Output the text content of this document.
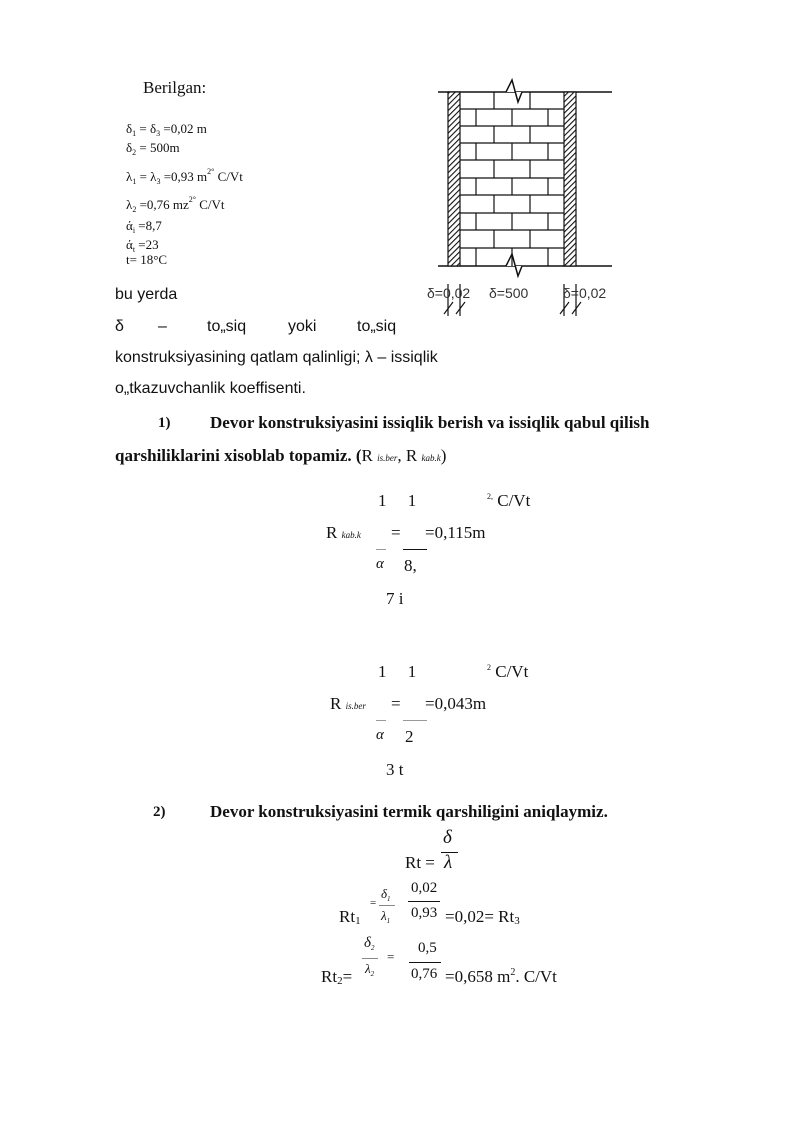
Berilgan:
$\delta_1 = \delta_3 =0,02$ m
$\delta_2 = 500m$
$\lambda_1 = \lambda_3 =0,93$ $m^{2^\circ}$ C/Vt
$\lambda_2 =0,76$ $mz^{2^\circ}$ C/Vt
$ά_i =8,7$
$ά_t =23$
t= 18°C
δ=0,02 δ=500 δ=0,02
bu yerda
δ –	to„siq	yoki	to„siq
konstruksiyasining qatlam qalinligi; λ – issiqlik
o„tkazuvchanlik koeffisenti.
1) Devor konstruksiyasini issiqlik berish va issiqlik qabul qilish
qarshiliklarini xisoblab topamiz. (R is.ber, R kab.k)
1     1	$^{2,}$ C/Vt
R kab.k = =0,115m
α 8,
7 i
1     1	$^2$ C/Vt
R is.ber = =0,043m
α 2
3 t
2)	Devor konstruksiyasini termik qarshiligini aniqlaymiz.
δ
Rt = λ
Rt1
=
$\delta_1$
$\lambda_1$
0,02
0,93 =0,02= Rt3
$\delta_2$
=
$Rt2= \lambda_2$
0,5
0,76 =0,658 $m^2$. C/Vt
